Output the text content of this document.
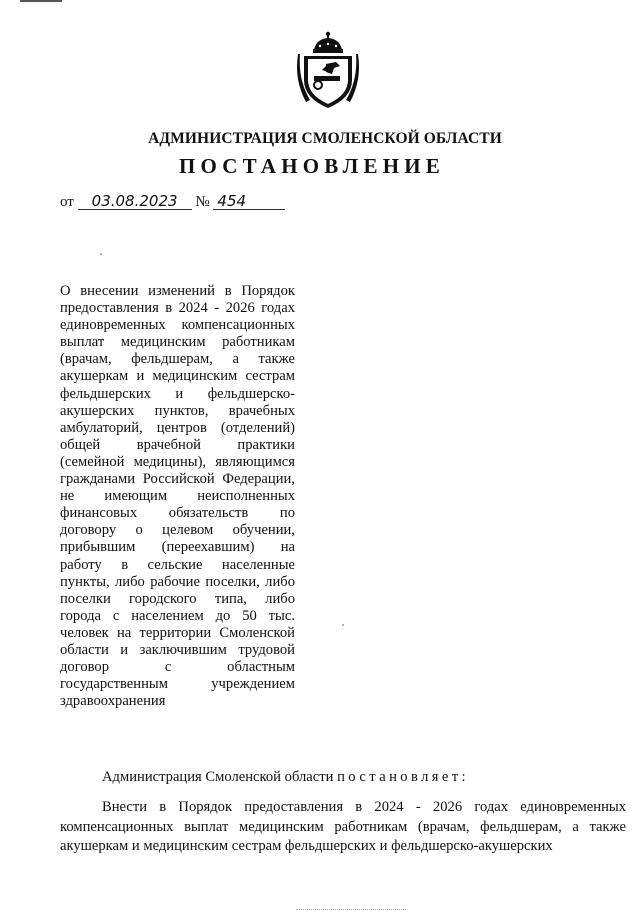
АДМИНИСТРАЦИЯ СМОЛЕНСКОЙ ОБЛАСТИ
ПОСТАНОВЛЕНИЕ
от 03.08.2023 № 454
О внесении изменений в Порядок предоставления в 2024 - 2026 годах единовременных компенсационных выплат медицинским работникам (врачам, фельдшерам, а также акушеркам и медицинским сестрам фельдшерских и фельдшерско-акушерских пунктов, врачебных амбулаторий, центров (отделений) общей врачебной практики (семейной медицины), являющимся гражданами Российской Федерации, не имеющим неисполненных финансовых обязательств по договору о целевом обучении, прибывшим (переехавшим) на работу в сельские населенные пункты, либо рабочие поселки, либо поселки городского типа, либо города с населением до 50 тыс. человек на территории Смоленской области и заключившим трудовой договор с областным государственным учреждением здравоохранения
Администрация Смоленской области постановляет:
Внести в Порядок предоставления в 2024 - 2026 годах единовременных компенсационных выплат медицинским работникам (врачам, фельдшерам, а также акушеркам и медицинским сестрам фельдшерских и фельдшерско-акушерских
